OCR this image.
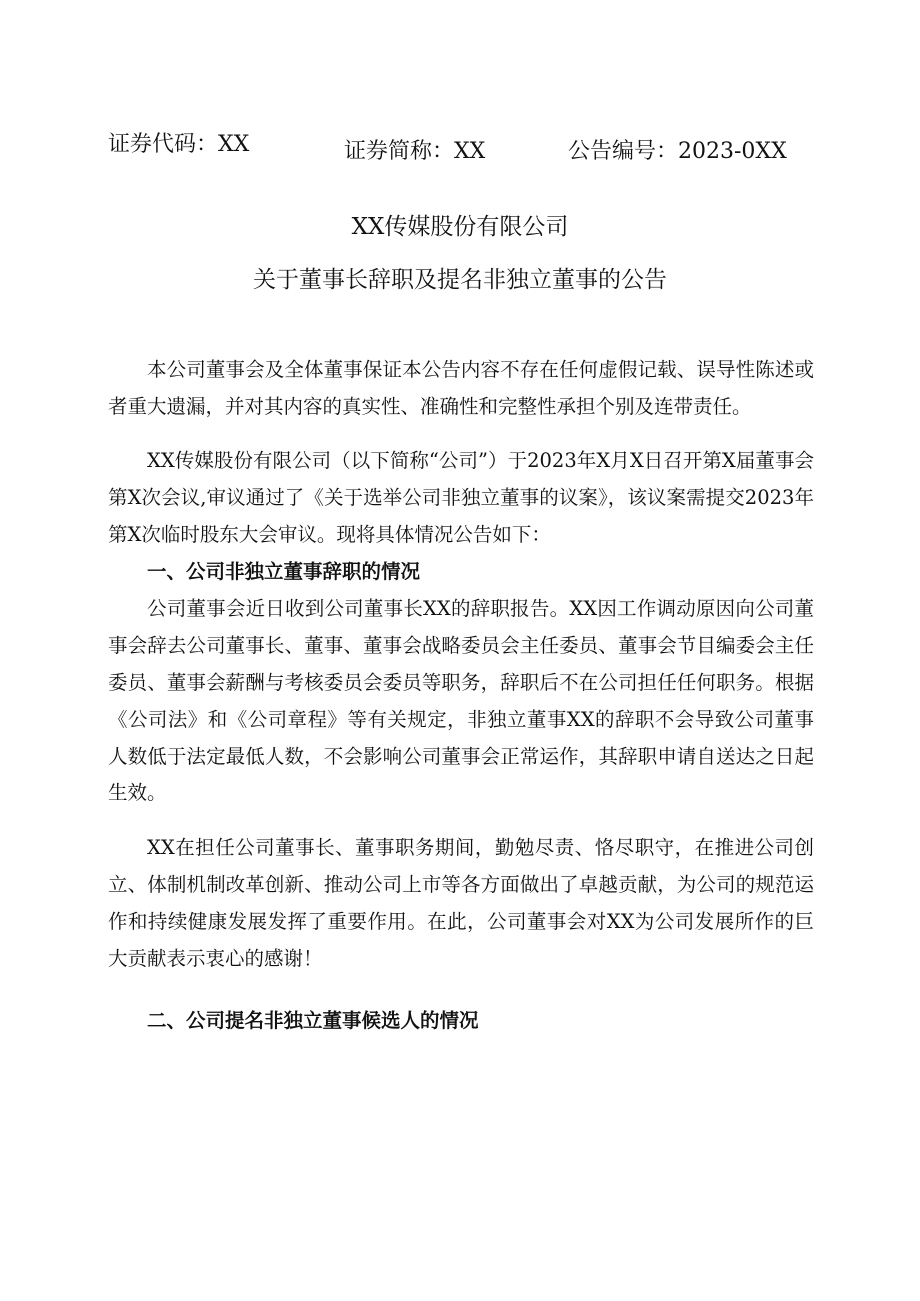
证券代码：XX	证券简称：XX	公告编号：2023-0XX
XX传媒股份有限公司
关于董事长辞职及提名非独立董事的公告

本公司董事会及全体董事保证本公告内容不存在任何虚假记载、误导性陈述或者重大遗漏，并对其内容的真实性、准确性和完整性承担个别及连带责任。

XX传媒股份有限公司（以下简称“公司”）于2023年X月X日召开第X届董事会第X次会议,审议通过了《关于选举公司非独立董事的议案》，该议案需提交2023年第X次临时股东大会审议。现将具体情况公告如下：

一、公司非独立董事辞职的情况

公司董事会近日收到公司董事长XX的辞职报告。XX因工作调动原因向公司董事会辞去公司董事长、董事、董事会战略委员会主任委员、董事会节目编委会主任委员、董事会薪酬与考核委员会委员等职务，辞职后不在公司担任任何职务。根据《公司法》和《公司章程》等有关规定，非独立董事XX的辞职不会导致公司董事人数低于法定最低人数，不会影响公司董事会正常运作，其辞职申请自送达之日起生效。

XX在担任公司董事长、董事职务期间，勤勉尽责、恪尽职守，在推进公司创立、体制机制改革创新、推动公司上市等各方面做出了卓越贡献，为公司的规范运作和持续健康发展发挥了重要作用。在此，公司董事会对XX为公司发展所作的巨大贡献表示衷心的感谢！

二、公司提名非独立董事候选人的情况
